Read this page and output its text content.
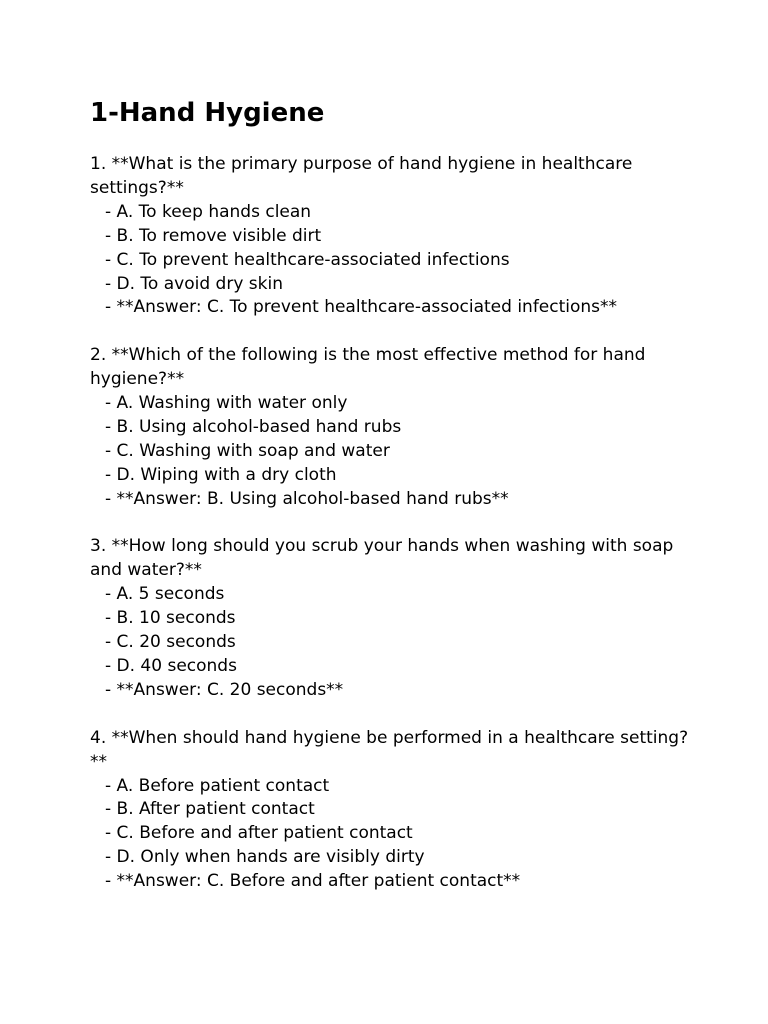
1-Hand Hygiene

1. **What is the primary purpose of hand hygiene in healthcare settings?**

- A. To keep hands clean

- B. To remove visible dirt

- C. To prevent healthcare-associated infections

- D. To avoid dry skin

- **Answer: C. To prevent healthcare-associated infections**

2. **Which of the following is the most effective method for hand hygiene?**

- A. Washing with water only

- B. Using alcohol-based hand rubs

- C. Washing with soap and water

- D. Wiping with a dry cloth

- **Answer: B. Using alcohol-based hand rubs**

3. **How long should you scrub your hands when washing with soap and water?**

- A. 5 seconds

- B. 10 seconds

- C. 20 seconds

- D. 40 seconds

- **Answer: C. 20 seconds**

4. **When should hand hygiene be performed in a healthcare setting?**

- A. Before patient contact

- B. After patient contact

- C. Before and after patient contact

- D. Only when hands are visibly dirty

- **Answer: C. Before and after patient contact**
